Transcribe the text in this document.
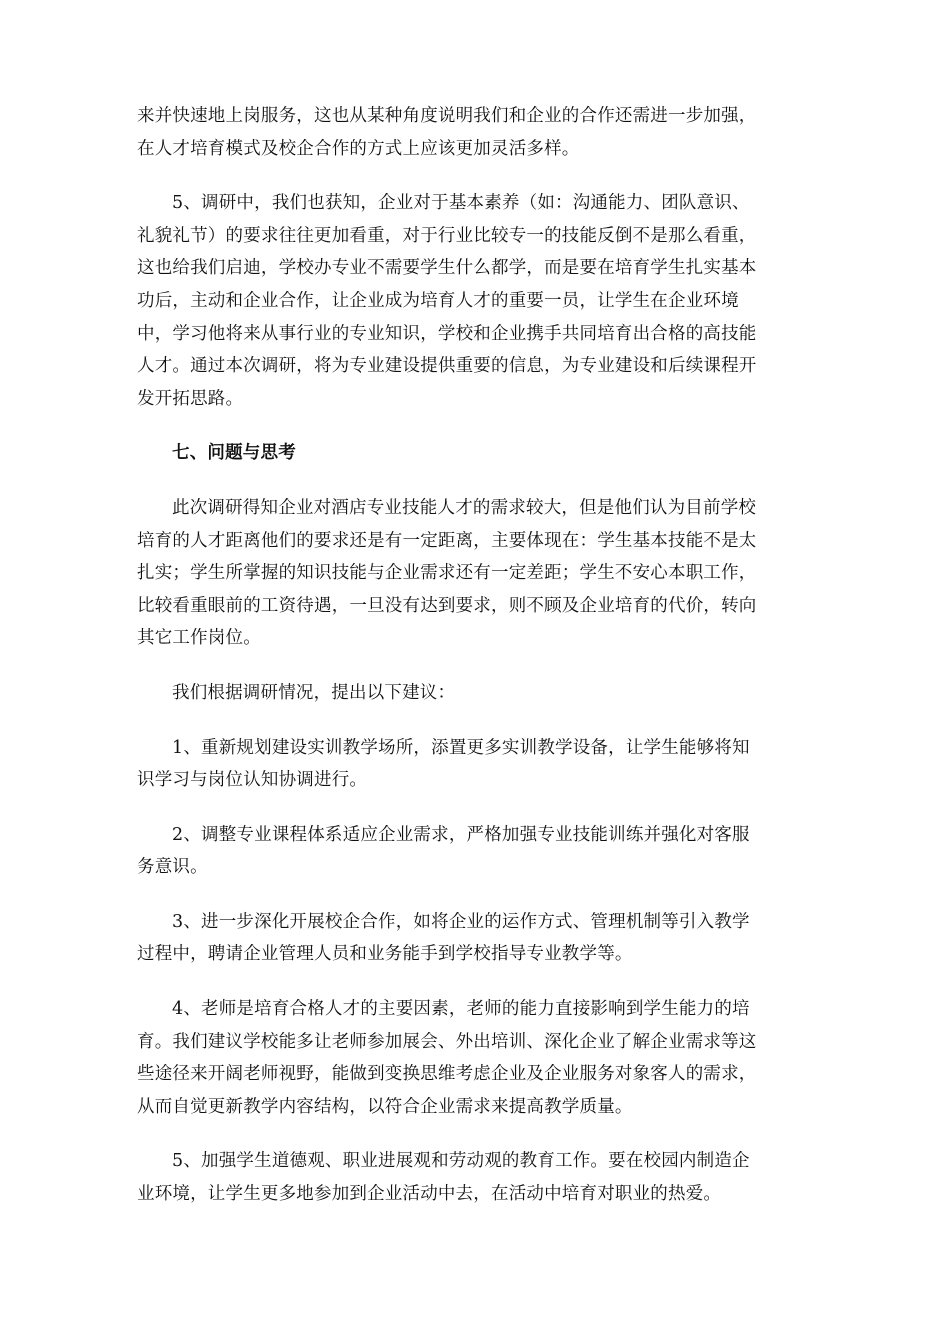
来并快速地上岗服务，这也从某种角度说明我们和企业的合作还需进一步加强，
在人才培育模式及校企合作的方式上应该更加灵活多样。

5、调研中，我们也获知，企业对于基本素养（如：沟通能力、团队意识、
礼貌礼节）的要求往往更加看重，对于行业比较专一的技能反倒不是那么看重，
这也给我们启迪，学校办专业不需要学生什么都学，而是要在培育学生扎实基本
功后，主动和企业合作，让企业成为培育人才的重要一员，让学生在企业环境
中，学习他将来从事行业的专业知识，学校和企业携手共同培育出合格的高技能
人才。通过本次调研，将为专业建设提供重要的信息，为专业建设和后续课程开
发开拓思路。

七、问题与思考

此次调研得知企业对酒店专业技能人才的需求较大，但是他们认为目前学校
培育的人才距离他们的要求还是有一定距离，主要体现在：学生基本技能不是太
扎实；学生所掌握的知识技能与企业需求还有一定差距；学生不安心本职工作，
比较看重眼前的工资待遇，一旦没有达到要求，则不顾及企业培育的代价，转向
其它工作岗位。

我们根据调研情况，提出以下建议：

1、重新规划建设实训教学场所，添置更多实训教学设备，让学生能够将知
识学习与岗位认知协调进行。

2、调整专业课程体系适应企业需求，严格加强专业技能训练并强化对客服
务意识。

3、进一步深化开展校企合作，如将企业的运作方式、管理机制等引入教学
过程中，聘请企业管理人员和业务能手到学校指导专业教学等。

4、老师是培育合格人才的主要因素，老师的能力直接影响到学生能力的培
育。我们建议学校能多让老师参加展会、外出培训、深化企业了解企业需求等这
些途径来开阔老师视野，能做到变换思维考虑企业及企业服务对象客人的需求，
从而自觉更新教学内容结构，以符合企业需求来提高教学质量。

5、加强学生道德观、职业进展观和劳动观的教育工作。要在校园内制造企
业环境，让学生更多地参加到企业活动中去，在活动中培育对职业的热爱。
